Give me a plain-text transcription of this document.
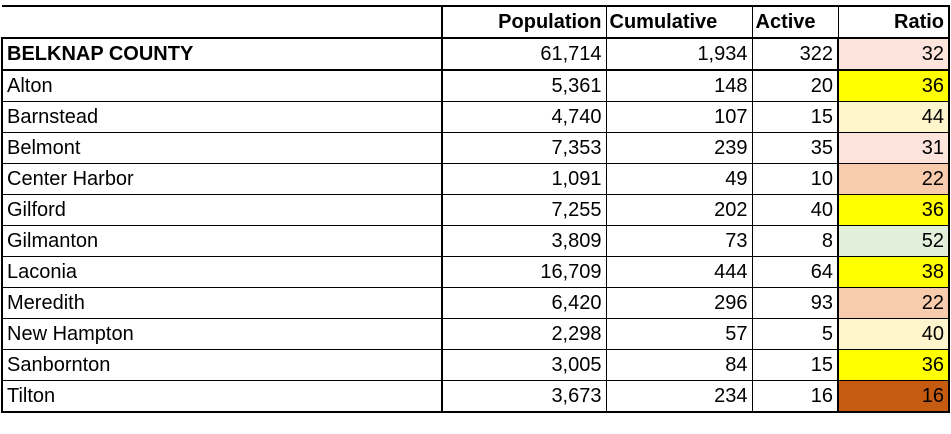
	Population	Cumulative	Active	Ratio
BELKNAP COUNTY	61,714	1,934	322	32
Alton	5,361	148	20	36
Barnstead	4,740	107	15	44
Belmont	7,353	239	35	31
Center Harbor	1,091	49	10	22
Gilford	7,255	202	40	36
Gilmanton	3,809	73	8	52
Laconia	16,709	444	64	38
Meredith	6,420	296	93	22
New Hampton	2,298	57	5	40
Sanbornton	3,005	84	15	36
Tilton	3,673	234	16	16
